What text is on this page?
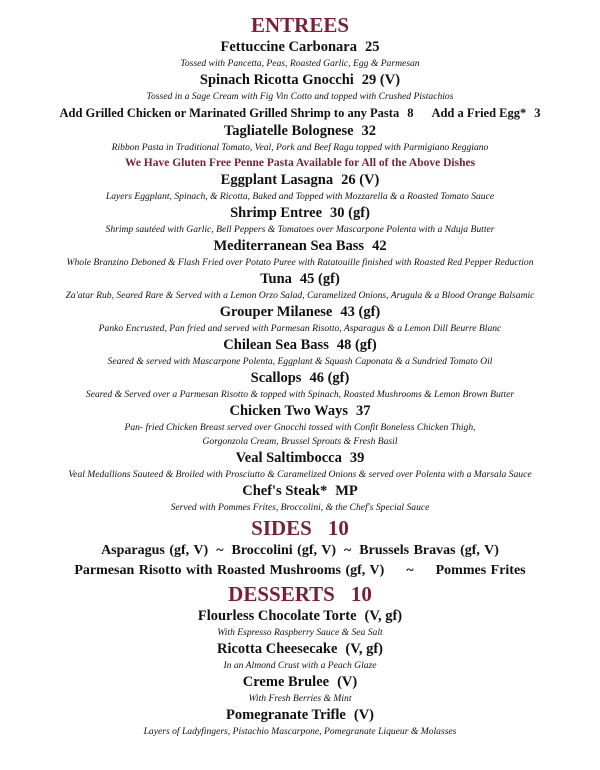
ENTREES

Fettuccine Carbonara 25

Tossed with Pancetta, Peas, Roasted Garlic, Egg & Parmesan

Spinach Ricotta Gnocchi 29 (V)

Tossed in a Sage Cream with Fig Vin Cotto and topped with Crushed Pistachios

Add Grilled Chicken or Marinated Grilled Shrimp to any Pasta 8 Add a Fried Egg* 3

Tagliatelle Bolognese 32

Ribbon Pasta in Traditional Tomato, Veal, Pork and Beef Ragu topped with Parmigiano Reggiano

We Have Gluten Free Penne Pasta Available for All of the Above Dishes

Eggplant Lasagna 26 (V)

Layers Eggplant, Spinach, & Ricotta, Baked and Topped with Mozzarella & a Roasted Tomato Sauce

Shrimp Entree 30 (gf)

Shrimp sautéed with Garlic, Bell Peppers & Tomatoes over Mascarpone Polenta with a Nduja Butter

Mediterranean Sea Bass 42

Whole Branzino Deboned & Flash Fried over Potato Puree with Ratatouille finished with Roasted Red Pepper Reduction

Tuna 45 (gf)

Za'atar Rub, Seared Rare & Served with a Lemon Orzo Salad, Caramelized Onions, Arugula & a Blood Orange Balsamic

Grouper Milanese 43 (gf)

Panko Encrusted, Pan fried and served with Parmesan Risotto, Asparagus & a Lemon Dill Beurre Blanc

Chilean Sea Bass 48 (gf)

Seared & served with Mascarpone Polenta, Eggplant & Squash Caponata & a Sundried Tomato Oil

Scallops 46 (gf)

Seared & Served over a Parmesan Risotto & topped with Spinach, Roasted Mushrooms & Lemon Brown Butter

Chicken Two Ways 37

Pan- fried Chicken Breast served over Gnocchi tossed with Confit Boneless Chicken Thigh,

Gorgonzola Cream, Brussel Sprouts & Fresh Basil

Veal Saltimbocca 39

Veal Medallions Sauteed & Broiled with Prosciutto & Caramelized Onions & served over Polenta with a Marsala Sauce

Chef's Steak* MP

Served with Pommes Frites, Broccolini, & the Chef's Special Sauce

SIDES 10

Asparagus (gf, V) ~ Broccolini (gf, V) ~ Brussels Bravas (gf, V)

Parmesan Risotto with Roasted Mushrooms (gf, V) ~ Pommes Frites

DESSERTS 10

Flourless Chocolate Torte (V, gf)

With Espresso Raspberry Sauce & Sea Salt

Ricotta Cheesecake (V, gf)

In an Almond Crust with a Peach Glaze

Creme Brulee (V)

With Fresh Berries & Mint

Pomegranate Trifle (V)

Layers of Ladyfingers, Pistachio Mascarpone, Pomegranate Liqueur & Molasses
